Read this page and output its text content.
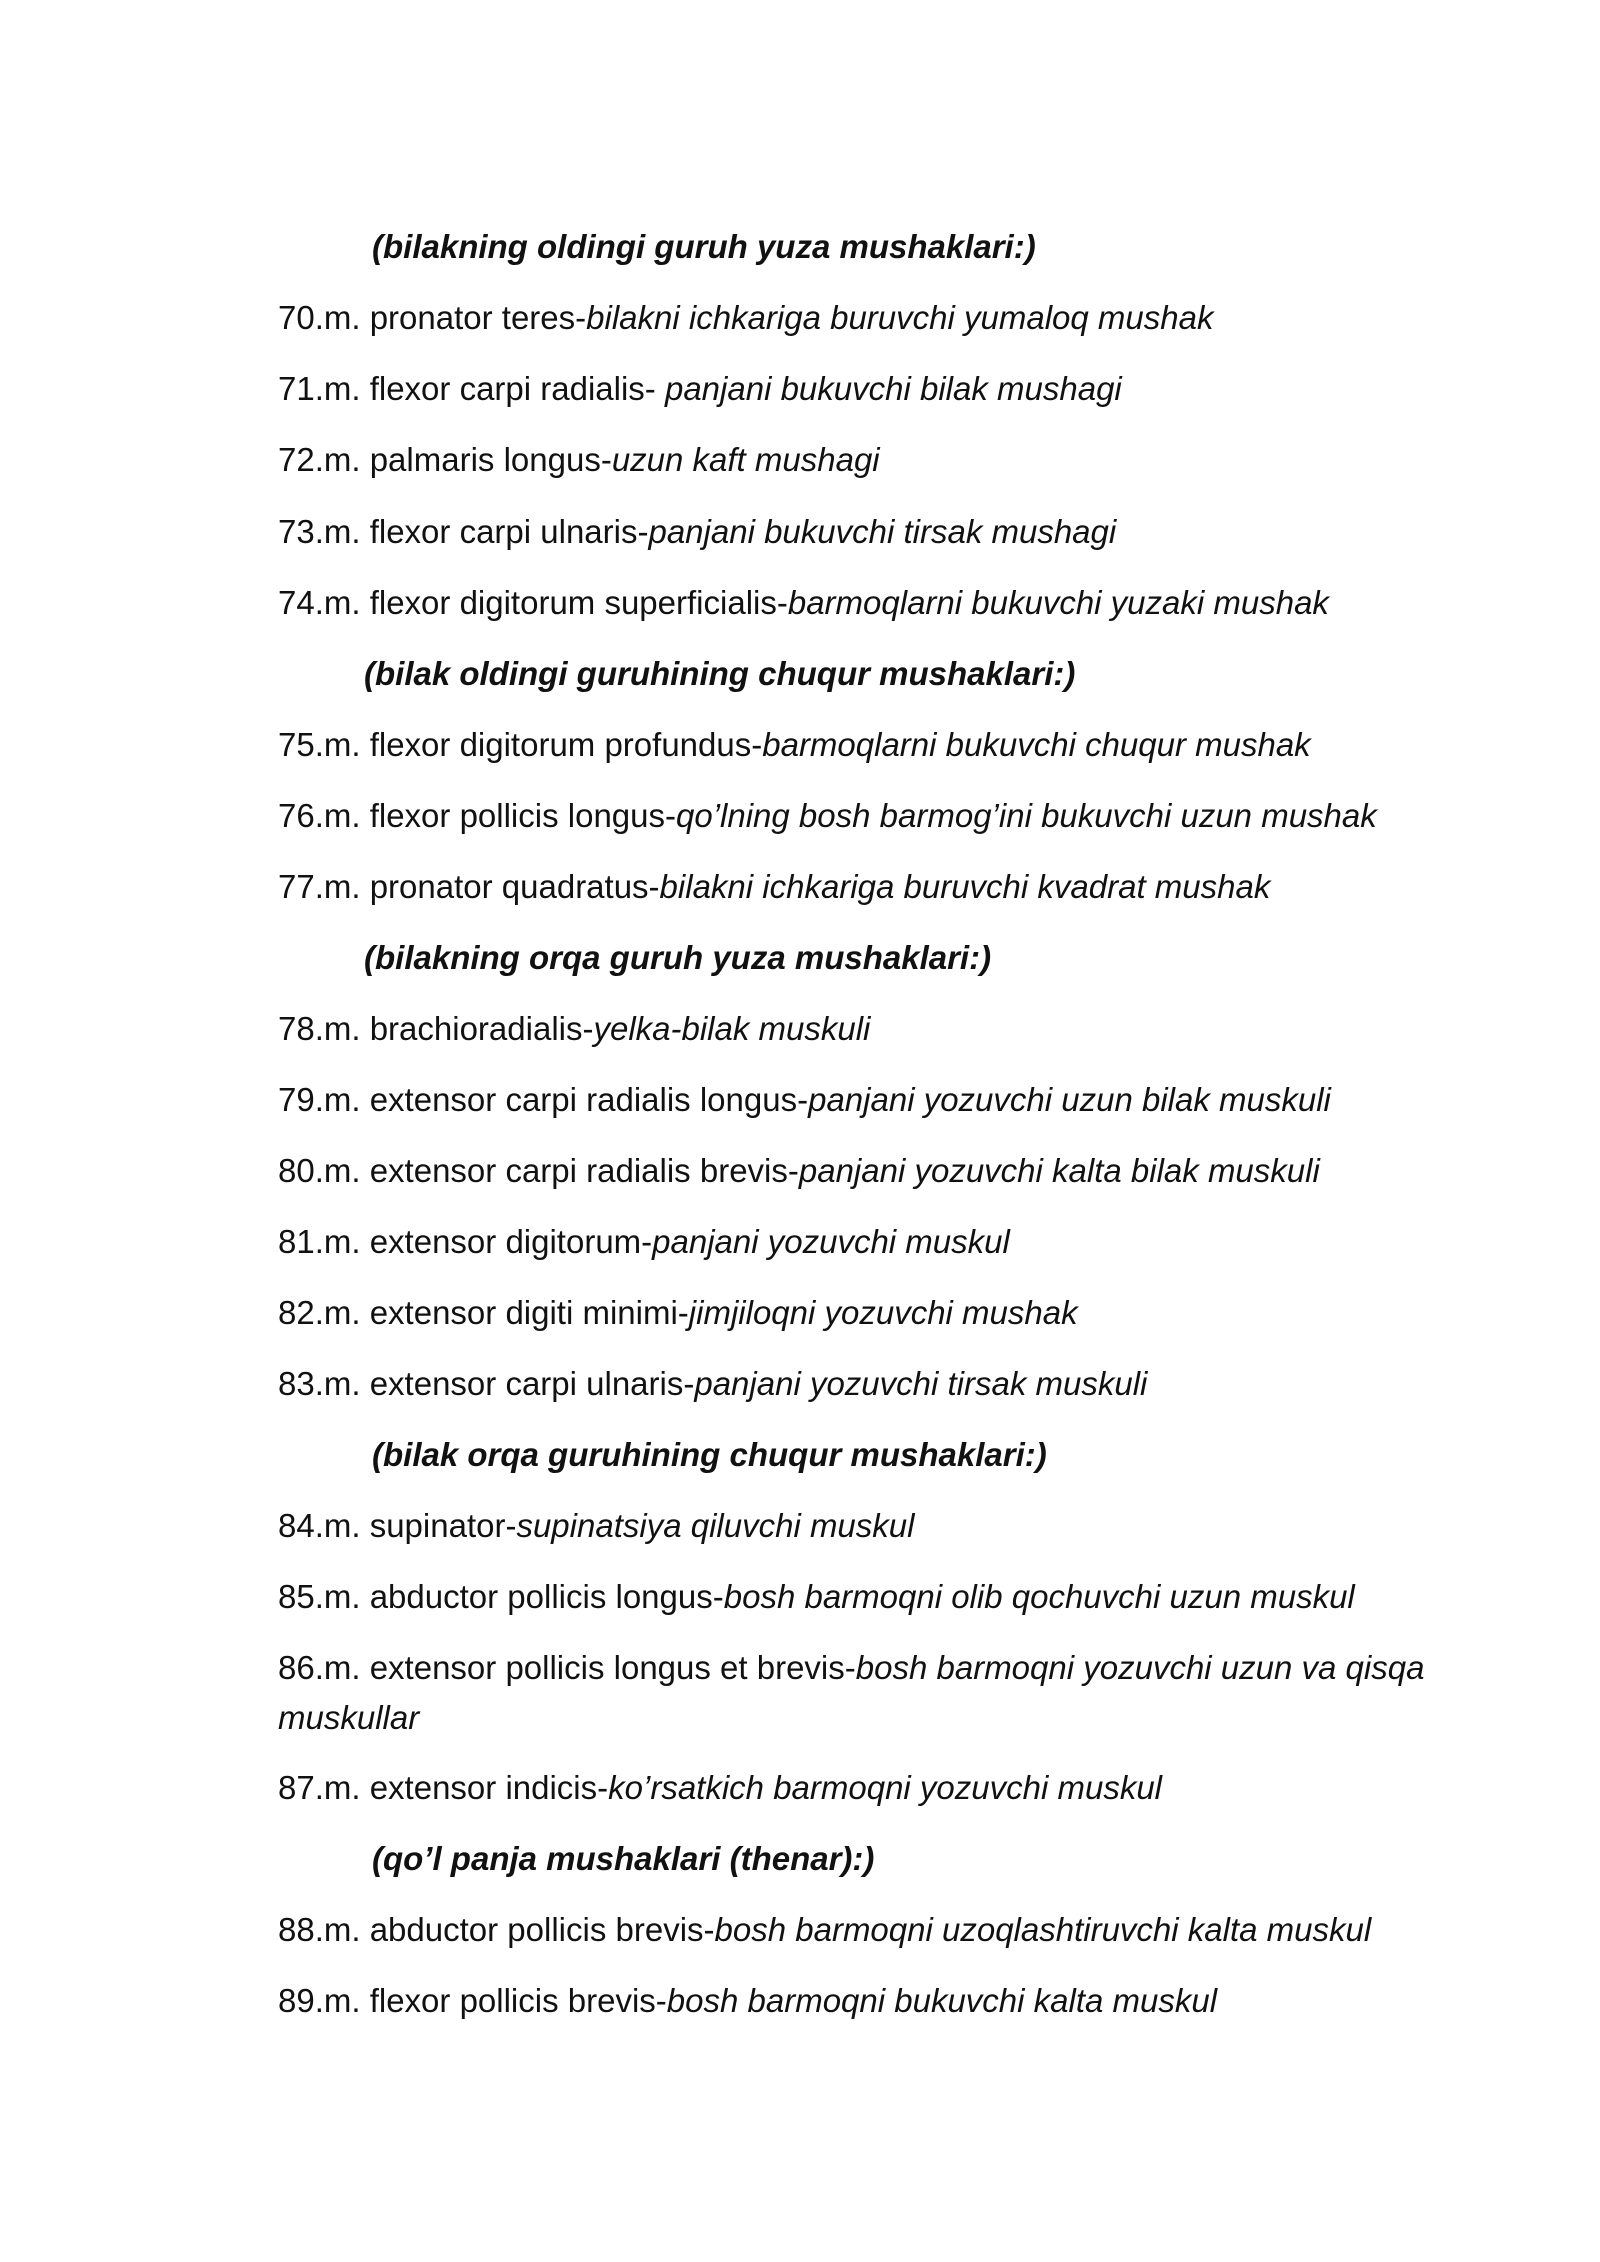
(bilakning oldingi guruh yuza mushaklari:)
70.m. pronator teres-bilakni ichkariga buruvchi yumaloq mushak
71.m. flexor carpi radialis- panjani bukuvchi bilak mushagi
72.m. palmaris longus-uzun kaft mushagi
73.m. flexor carpi ulnaris-panjani bukuvchi tirsak mushagi
74.m. flexor digitorum superficialis-barmoqlarni bukuvchi yuzaki mushak
(bilak oldingi guruhining chuqur mushaklari:)
75.m. flexor digitorum profundus-barmoqlarni bukuvchi chuqur mushak
76.m. flexor pollicis longus-qo’lning bosh barmog’ini bukuvchi uzun mushak
77.m. pronator quadratus-bilakni ichkariga buruvchi kvadrat mushak
(bilakning orqa guruh yuza mushaklari:)
78.m. brachioradialis-yelka-bilak muskuli
79.m. extensor carpi radialis longus-panjani yozuvchi uzun bilak muskuli
80.m. extensor carpi radialis brevis-panjani yozuvchi kalta bilak muskuli
81.m. extensor digitorum-panjani yozuvchi muskul
82.m. extensor digiti minimi-jimjiloqni yozuvchi mushak
83.m. extensor carpi ulnaris-panjani yozuvchi tirsak muskuli
(bilak orqa guruhining chuqur mushaklari:)
84.m. supinator-supinatsiya qiluvchi muskul
85.m. abductor pollicis longus-bosh barmoqni olib qochuvchi uzun muskul
86.m. extensor pollicis longus et brevis-bosh barmoqni yozuvchi uzun va qisqa muskullar
87.m. extensor indicis-ko’rsatkich barmoqni yozuvchi muskul
(qo’l panja mushaklari (thenar):)
88.m. abductor pollicis brevis-bosh barmoqni uzoqlashtiruvchi kalta muskul
89.m. flexor pollicis brevis-bosh barmoqni bukuvchi kalta muskul
